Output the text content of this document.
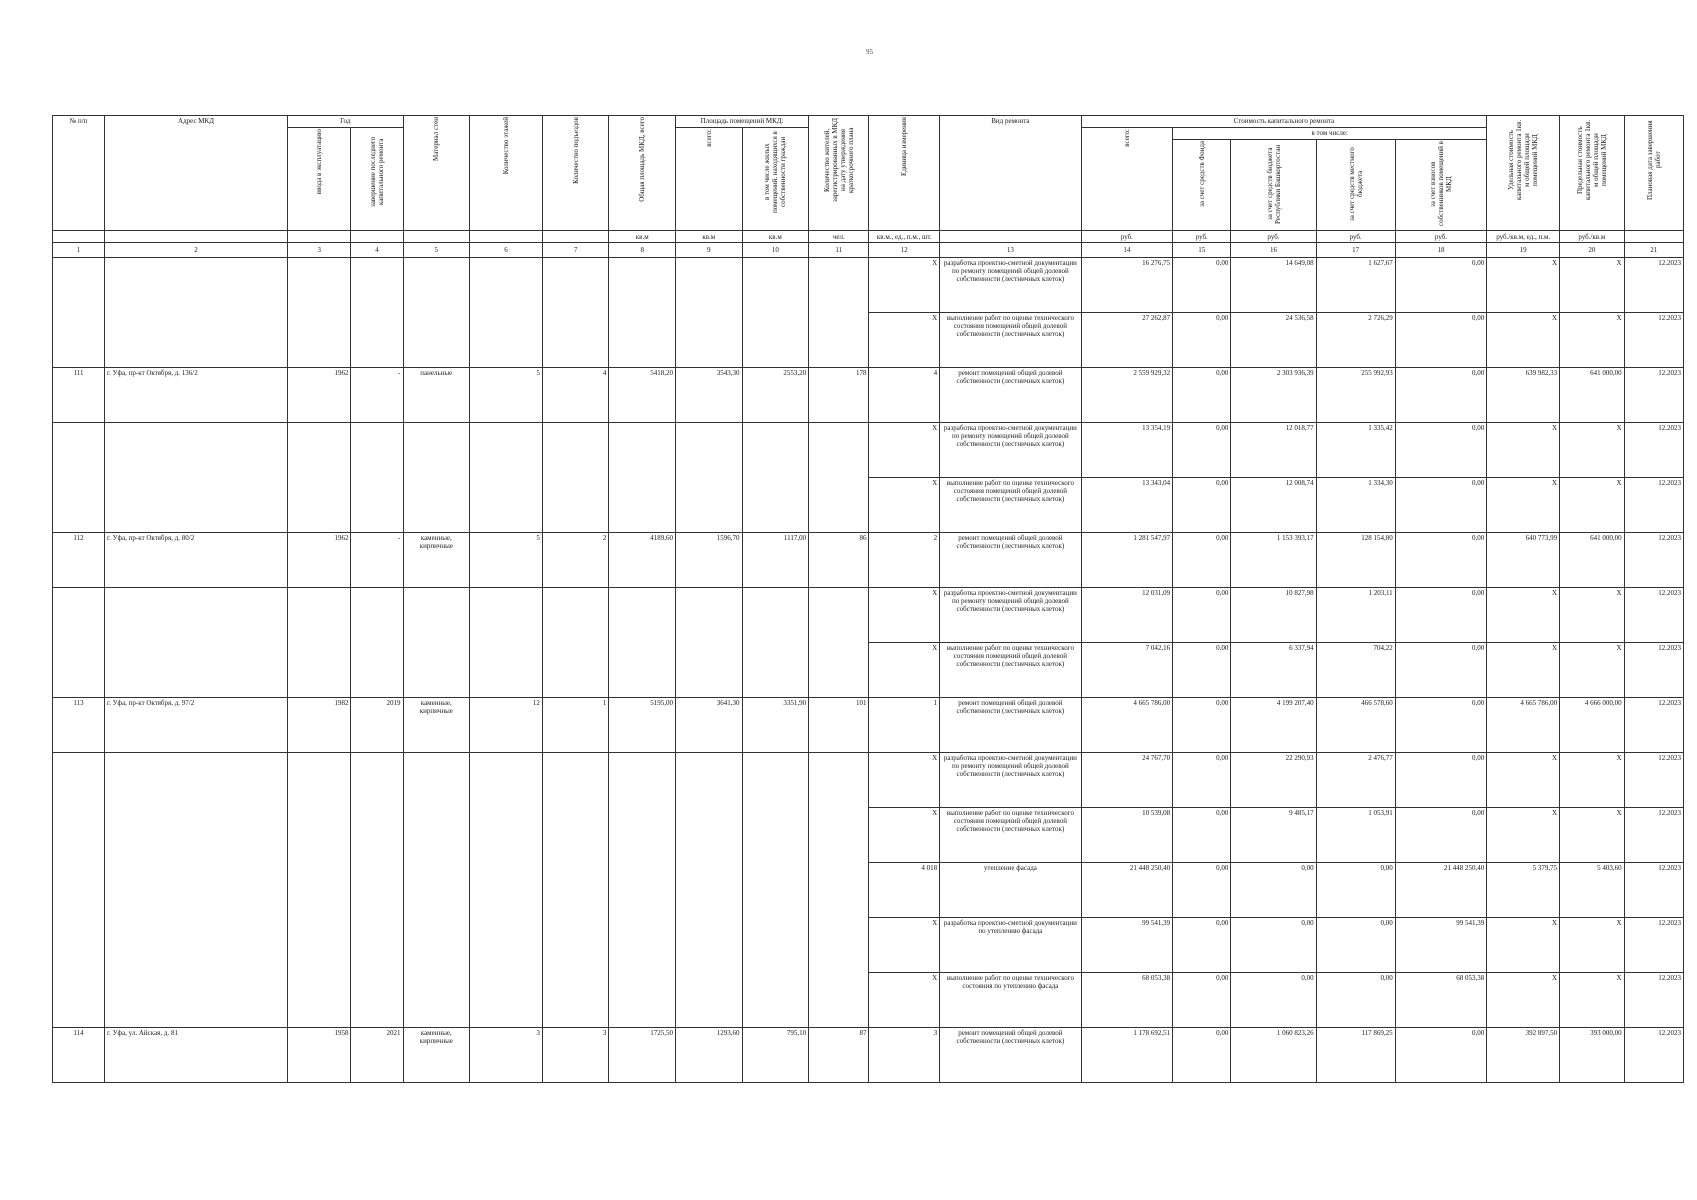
95
№ п/п	Адрес МКД	Год		Материал стен	Количество этажей	Количество подъездов	Общая площадь МКД, всего	Площадь помещений МКД:		Количество жителей, зарегистрированных в МКД на дату утверждения краткосрочного плана	Единица измерения	Вид ремонта	Стоимость капитального ремонта					Удельная стоимость капитального ремонта 1кв. м общей площади помещений МКД	Предельная стоимость капитального ремонта 1кв. м общей площади помещений МКД	Плановая дата завершения работ
		ввода в эксплуатацию	завершение последнего капитального ремонта					всего:	в том числе жилых помещений, находящихся в собственности граждан				всего:	в том числе:						
														за счет средств Фонда	за счет средств бюджета Республики Башкортостан	за счет средств местного бюджета	за счет взносов собственников помещений в МКД			
							кв.м	кв.м	кв.м	чел.	кв.м., ед., п.м., шт.		руб.	руб.	руб.	руб.	руб.	руб./кв.м, ед., п.м.	руб./кв.м	
1	2	3	4	5	6	7	8	9	10	11	12	13	14	15	16	17	18	19	20	21
											X	разработка проектно-сметной документации по ремонту помещений общей долевой собственности (лестничных клеток)	16 276,75	0,00	14 649,08	1 627,67	0,00	X	X	12.2023
											X	выполнение работ по оценке технического состояния помещений общей долевой собственности (лестничных клеток)	27 262,87	0,00	24 536,58	2 726,29	0,00	X	X	12.2023
111	г. Уфа, пр-кт Октября, д. 136/2	1962	-	панельные	5	4	5418,20	3543,30	2553,20	178	4	ремонт помещений общей долевой собственности (лестничных клеток)	2 559 929,32	0,00	2 303 936,39	255 992,93	0,00	639 982,33	641 000,00	12.2023
											X	разработка проектно-сметной документации по ремонту помещений общей долевой собственности (лестничных клеток)	13 354,19	0,00	12 018,77	1 335,42	0,00	X	X	12.2023
											X	выполнение работ по оценке технического состояния помещений общей долевой собственности (лестничных клеток)	13 343,04	0,00	12 008,74	1 334,30	0,00	X	X	12.2023
112	г. Уфа, пр-кт Октября, д. 80/2	1962	-	каменные, кирпичные	5	2	4189,60	1596,70	1117,00	86	2	ремонт помещений общей долевой собственности (лестничных клеток)	1 281 547,97	0,00	1 153 393,17	128 154,80	0,00	640 773,99	641 000,00	12.2023
											X	разработка проектно-сметной документации по ремонту помещений общей долевой собственности (лестничных клеток)	12 031,09	0,00	10 827,98	1 203,11	0,00	X	X	12.2023
											X	выполнение работ по оценке технического состояния помещений общей долевой собственности (лестничных клеток)	7 042,16	0,00	6 337,94	704,22	0,00	X	X	12.2023
113	г. Уфа, пр-кт Октября, д. 97/2	1982	2019	каменные, кирпичные	12	1	5195,00	3641,30	3351,90	101	1	ремонт помещений общей долевой собственности (лестничных клеток)	4 665 786,00	0,00	4 199 207,40	466 578,60	0,00	4 665 786,00	4 666 000,00	12.2023
											X	разработка проектно-сметной документации по ремонту помещений общей долевой собственности (лестничных клеток)	24 767,70	0,00	22 290,93	2 476,77	0,00	X	X	12.2023
											X	выполнение работ по оценке технического состояния помещений общей долевой собственности (лестничных клеток)	10 539,08	0,00	9 485,17	1 053,91	0,00	X	X	12.2023
											4 018	утепление фасада	21 448 250,40	0,00	0,00	0,00	21 448 250,40	5 379,75	5 403,60	12.2023
											X	разработка проектно-сметной документации по утеплению фасада	99 541,39	0,00	0,00	0,00	99 541,39	X	X	12.2023
											X	выполнение работ по оценке технического состояния по утеплению фасада	68 053,38	0,00	0,00	0,00	68 053,38	X	X	12.2023
114	г. Уфа, ул. Айская, д. 81	1958	2021	каменные, кирпичные	3	3	1725,50	1293,60	795,10	87	3	ремонт помещений общей долевой собственности (лестничных клеток)	1 178 692,51	0,00	1 060 823,26	117 869,25	0,00	392 897,50	393 000,00	12.2023
